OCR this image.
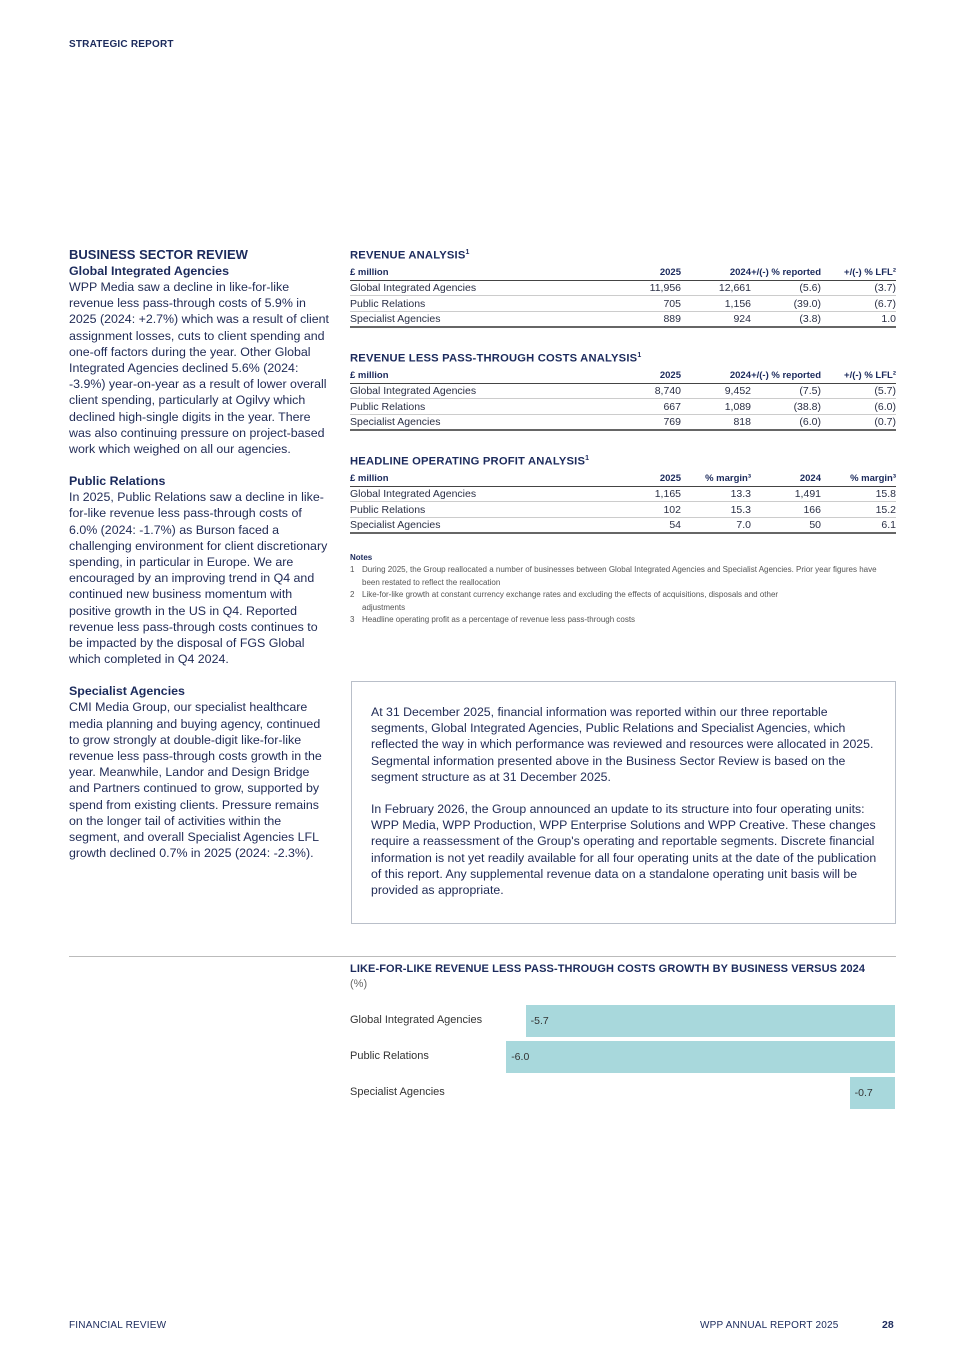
STRATEGIC REPORT
BUSINESS SECTOR REVIEW
Global Integrated Agencies

WPP Media saw a decline in like-for-like revenue less pass-through costs of 5.9% in 2025 (2024: +2.7%) which was a result of client assignment losses, cuts to client spending and one-off factors during the year. Other Global Integrated Agencies declined 5.6% (2024: -3.9%) year-on-year as a result of lower overall client spending, particularly at Ogilvy which declined high-single digits in the year. There was also continuing pressure on project-based work which weighed on all our agencies.

Public Relations

In 2025, Public Relations saw a decline in like-for-like revenue less pass-through costs of 6.0% (2024: -1.7%) as Burson faced a challenging environment for client discretionary spending, in particular in Europe. We are encouraged by an improving trend in Q4 and continued new business momentum with positive growth in the US in Q4. Reported revenue less pass-through costs continues to be impacted by the disposal of FGS Global which completed in Q4 2024.

Specialist Agencies

CMI Media Group, our specialist healthcare media planning and buying agency, continued to grow strongly at double-digit like-for-like revenue less pass-through costs growth in the year. Meanwhile, Landor and Design Bridge and Partners continued to grow, supported by spend from existing clients. Pressure remains on the longer tail of activities within the segment, and overall Specialist Agencies LFL growth declined 0.7% in 2025 (2024: -2.3%).

REVENUE ANALYSIS$^1$
£ million	2025	2024	+/(-) % reported	+/(-) % LFL²
Global Integrated Agencies	11,956	12,661	(5.6)	(3.7)
Public Relations	705	1,156	(39.0)	(6.7)
Specialist Agencies	889	924	(3.8)	1.0
REVENUE LESS PASS-THROUGH COSTS ANALYSIS$^1$
£ million	2025	2024	+/(-) % reported	+/(-) % LFL²
Global Integrated Agencies	8,740	9,452	(7.5)	(5.7)
Public Relations	667	1,089	(38.8)	(6.0)
Specialist Agencies	769	818	(6.0)	(0.7)
HEADLINE OPERATING PROFIT ANALYSIS$^1$
£ million	2025	% margin³	2024	% margin³
Global Integrated Agencies	1,165	13.3	1,491	15.8
Public Relations	102	15.3	166	15.2
Specialist Agencies	54	7.0	50	6.1
Notes
1 During 2025, the Group reallocated a number of businesses between Global Integrated Agencies and Specialist Agencies. Prior year figures have been restated to reflect the reallocation
2 Like-for-like growth at constant currency exchange rates and excluding the effects of acquisitions, disposals and other adjustments
3 Headline operating profit as a percentage of revenue less pass-through costs

At 31 December 2025, financial information was reported within our three reportable segments, Global Integrated Agencies, Public Relations and Specialist Agencies, which reflected the way in which performance was reviewed and resources were allocated in 2025. Segmental information presented above in the Business Sector Review is based on the segment structure as at 31 December 2025.

In February 2026, the Group announced an update to its structure into four operating units: WPP Media, WPP Production, WPP Enterprise Solutions and WPP Creative. These changes require a reassessment of the Group's operating and reportable segments. Discrete financial information is not yet readily available for all four operating units at the date of the publication of this report. Any supplemental revenue data on a standalone operating unit basis will be provided as appropriate.

LIKE-FOR-LIKE REVENUE LESS PASS-THROUGH COSTS GROWTH BY BUSINESS VERSUS 2024
(%)
Global Integrated Agencies	-5.7
Public Relations	-6.0
Specialist Agencies	-0.7
FINANCIAL REVIEW	WPP ANNUAL REPORT 2025	28
